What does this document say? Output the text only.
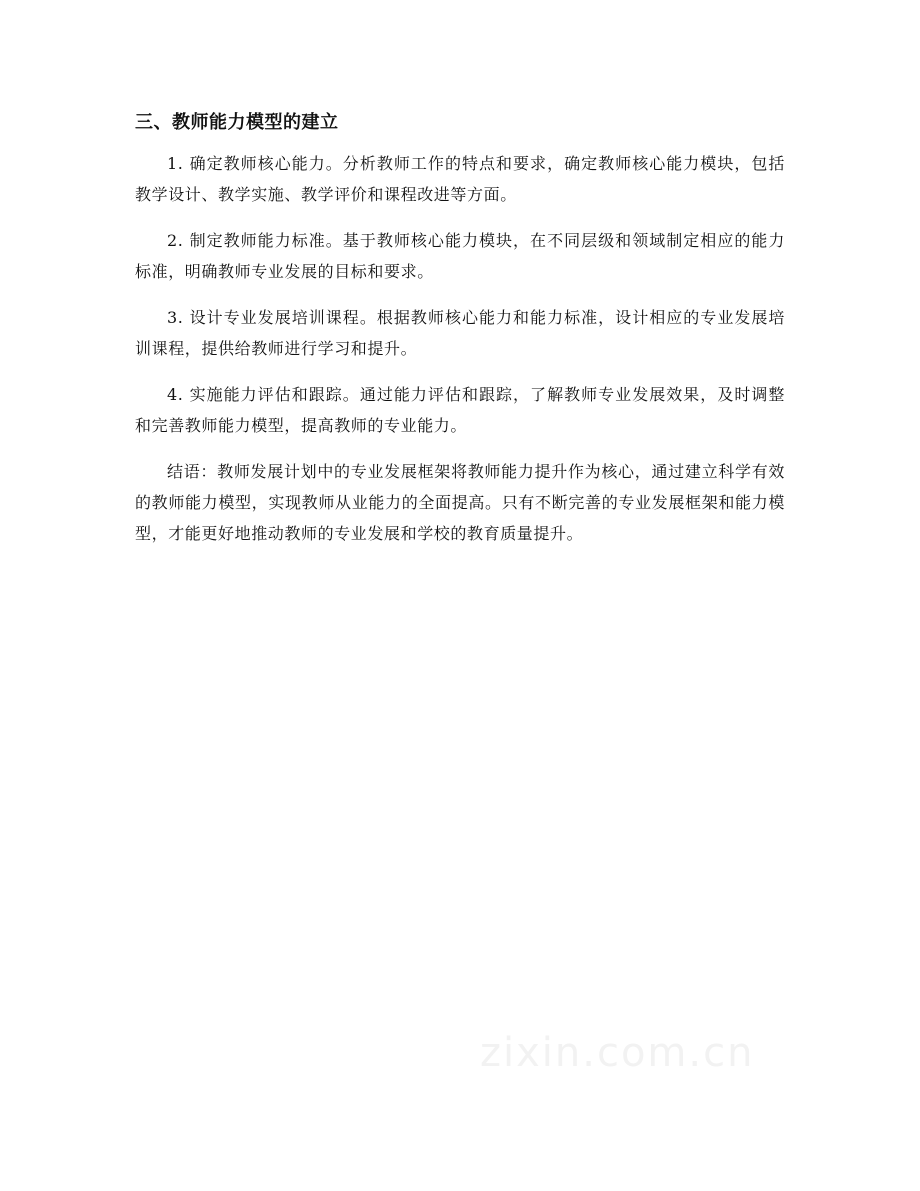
三、教师能力模型的建立

1. 确定教师核心能力。分析教师工作的特点和要求，确定教师核心能力模块，包括教学设计、教学实施、教学评价和课程改进等方面。

2. 制定教师能力标准。基于教师核心能力模块，在不同层级和领域制定相应的能力标准，明确教师专业发展的目标和要求。

3. 设计专业发展培训课程。根据教师核心能力和能力标准，设计相应的专业发展培训课程，提供给教师进行学习和提升。

4. 实施能力评估和跟踪。通过能力评估和跟踪，了解教师专业发展效果，及时调整和完善教师能力模型，提高教师的专业能力。

结语：教师发展计划中的专业发展框架将教师能力提升作为核心，通过建立科学有效的教师能力模型，实现教师从业能力的全面提高。只有不断完善的专业发展框架和能力模型，才能更好地推动教师的专业发展和学校的教育质量提升。

zixin.com.cn
